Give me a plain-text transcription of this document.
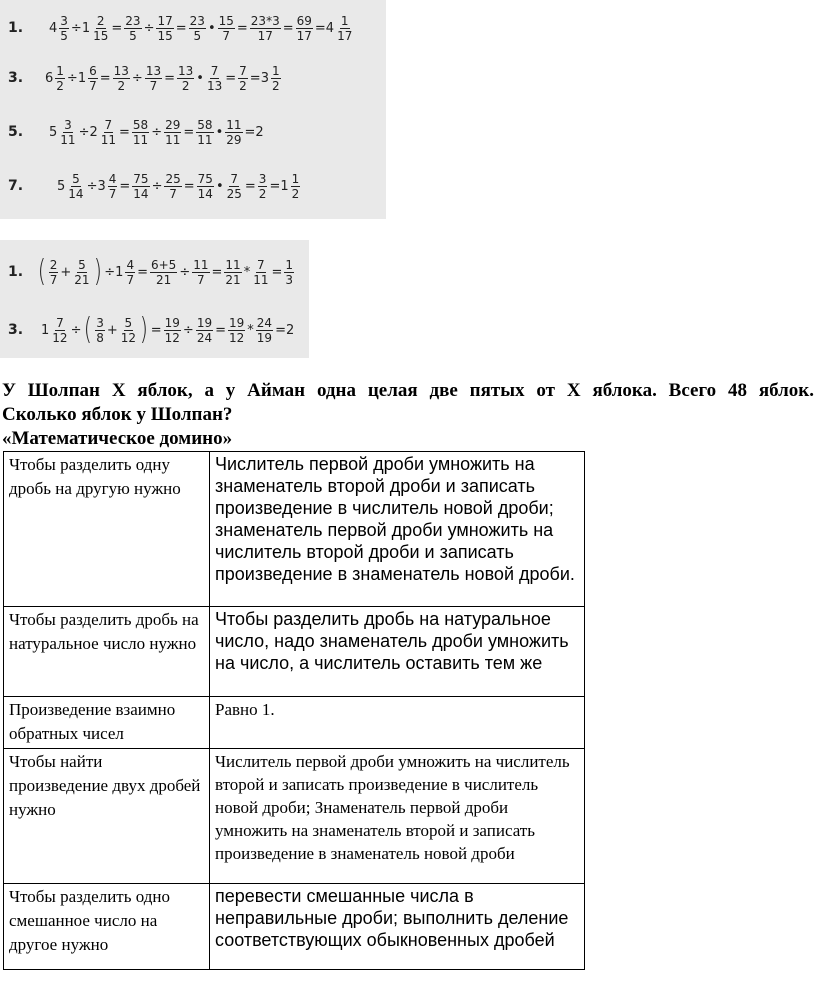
1. $4 \frac{3}{5} \div 1 \frac{2}{15} = \frac{23}{5} \div \frac{17}{15} = \frac{23}{5}$ • $\frac{15}{7} = \frac{23*3}{17} = \frac{69}{17} =4 \frac{1}{17}$
3. $6 \frac{1}{2} \div 1 \frac{6}{7} = \frac{13}{2} \div \frac{13}{7} = \frac{13}{2}$ • $\frac{7}{13} = \frac{7}{2} =3 \frac{1}{2}$
5. $5 \frac{3}{11} \div 2 \frac{7}{11} = \frac{58}{11} \div \frac{29}{11} = \frac{58}{11}$ • $\frac{11}{29} =2$
7.	$5 \frac{5}{14} \div 3 \frac{4}{7} = \frac{75}{14} \div \frac{25}{7} = \frac{75}{14}$ • $\frac{7}{25} = \frac{3}{2} =1 \frac{1}{2}$
1. ( $\frac{2}{7} + \frac{5}{21}$ ) $\div 1 \frac{4}{7} = \frac{6+5}{21} \div \frac{11}{7} = \frac{11}{21} * \frac{7}{11} = \frac{1}{3}$
3. $1 \frac{7}{12}$ ÷ ( $\frac{3}{8} + \frac{5}{12}$ ) = $\frac{19}{12} \div \frac{19}{24} = \frac{19}{12} * \frac{24}{19} =2$
У Шолпан Х яблок, а у Айман одна целая две пятых от Х яблока. Всего 48 яблок.
Сколько яблок у Шолпан?
«Математическое домино»
Чтобы разделить одну дробь на другую нужно	Числитель первой дроби умножить на знаменатель второй дроби и записать произведение в числитель новой дроби; знаменатель первой дроби умножить на числитель второй дроби и записать произведение в знаменатель новой дроби.
Чтобы разделить дробь на натуральное число нужно	Чтобы разделить дробь на натуральное число, надо знаменатель дроби умножить на число, а числитель оставить тем же
Произведение взаимно обратных чисел	Равно 1.
Чтобы найти произведение двух дробей нужно	Числитель первой дроби умножить на числитель второй и записать произведение в числитель новой дроби; Знаменатель первой дроби умножить на знаменатель второй и записать произведение в знаменатель новой дроби
Чтобы разделить одно смешанное число на другое нужно	перевести смешанные числа в неправильные дроби; выполнить деление соответствующих обыкновенных дробей
